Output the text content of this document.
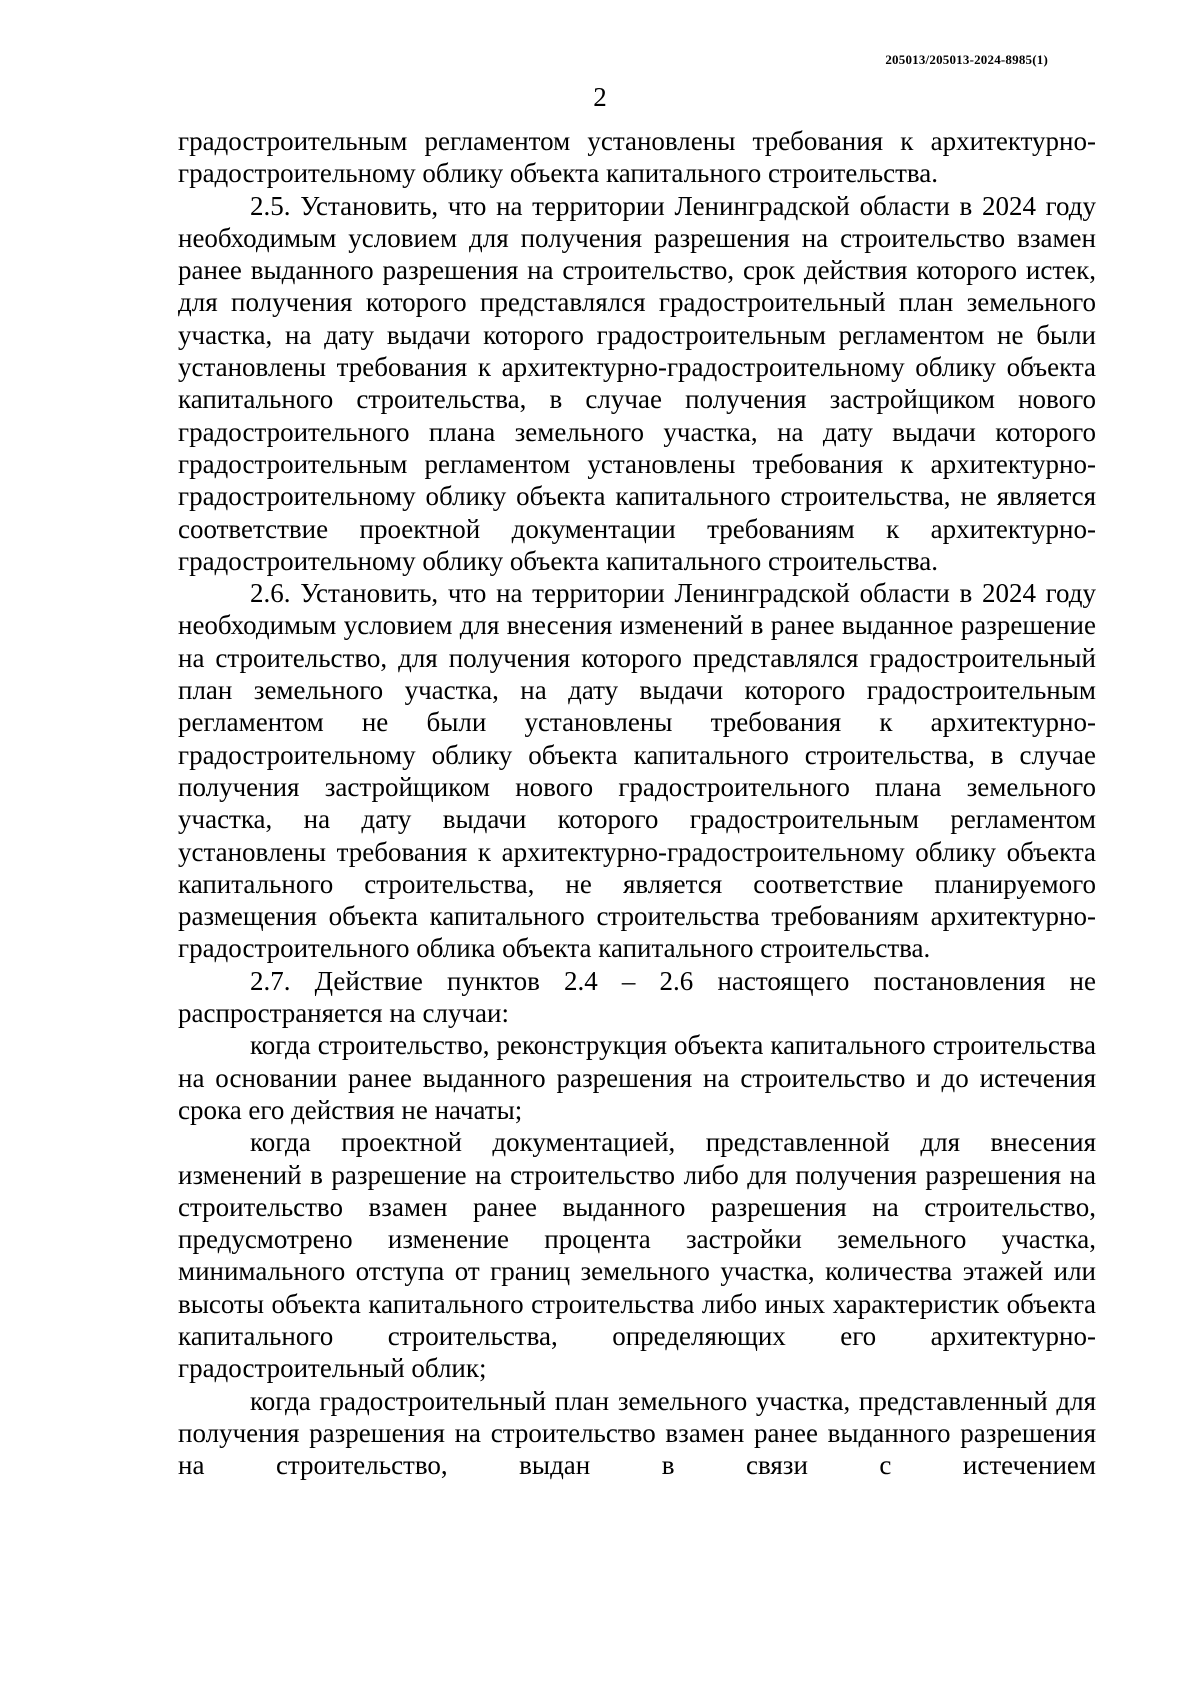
205013/205013-2024-8985(1)
2

градостроительным регламентом установлены требования к архитектурно-градостроительному облику объекта капитального строительства.

2.5. Установить, что на территории Ленинградской области в 2024 году необходимым условием для получения разрешения на строительство взамен ранее выданного разрешения на строительство, срок действия которого истек, для получения которого представлялся градостроительный план земельного участка, на дату выдачи которого градостроительным регламентом не были установлены требования к архитектурно-градостроительному облику объекта капитального строительства, в случае получения застройщиком нового градостроительного плана земельного участка, на дату выдачи которого градостроительным регламентом установлены требования к архитектурно-градостроительному облику объекта капитального строительства, не является соответствие проектной документации требованиям к архитектурно-градостроительному облику объекта капитального строительства.

2.6. Установить, что на территории Ленинградской области в 2024 году необходимым условием для внесения изменений в ранее выданное разрешение на строительство, для получения которого представлялся градостроительный план земельного участка, на дату выдачи которого градостроительным регламентом не были установлены требования к архитектурно-градостроительному облику объекта капитального строительства, в случае получения застройщиком нового градостроительного плана земельного участка, на дату выдачи которого градостроительным регламентом установлены требования к архитектурно-градостроительному облику объекта капитального строительства, не является соответствие планируемого размещения объекта капитального строительства требованиям архитектурно-градостроительного облика объекта капитального строительства.

2.7. Действие пунктов 2.4 – 2.6 настоящего постановления не распространяется на случаи:

когда строительство, реконструкция объекта капитального строительства на основании ранее выданного разрешения на строительство и до истечения срока его действия не начаты;

когда проектной документацией, представленной для внесения изменений в разрешение на строительство либо для получения разрешения на строительство взамен ранее выданного разрешения на строительство, предусмотрено изменение процента застройки земельного участка, минимального отступа от границ земельного участка, количества этажей или высоты объекта капитального строительства либо иных характеристик объекта капитального строительства, определяющих его архитектурно-градостроительный облик;

когда градостроительный план земельного участка, представленный для получения разрешения на строительство взамен ранее выданного разрешения на строительство, выдан в связи с истечением
